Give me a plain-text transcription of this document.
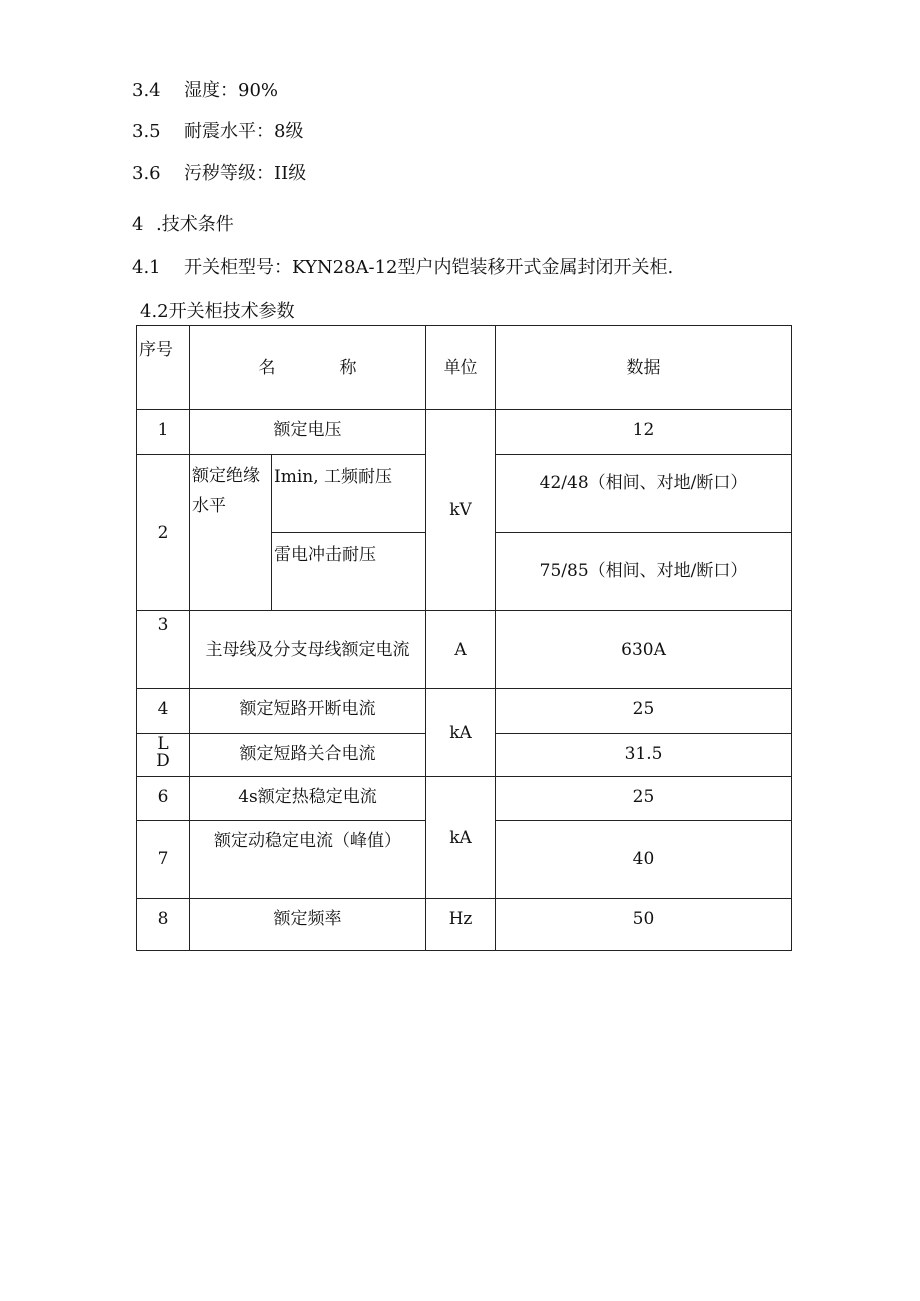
3.4 湿度：90%
3.5 耐震水平：8级
3.6 污秽等级：II级
4 .技术条件
4.1 开关柜型号：KYN28A-12型户内铠装移开式金属封闭开关柜.
4.2开关柜技术参数
序号	名 称		单位	数据
1	额定电压		kV	12
2	额定绝缘水平	Imin, 工频耐压		42/48（相间、对地/断口）
		雷电冲击耐压		75/85（相间、对地/断口）
3	主母线及分支母线额定电流		A	630A
4	额定短路开断电流		kA	25
L D	额定短路关合电流			31.5
6	4s额定热稳定电流		kA	25
7	额定动稳定电流（峰值）			40
8	额定频率		Hz	50
